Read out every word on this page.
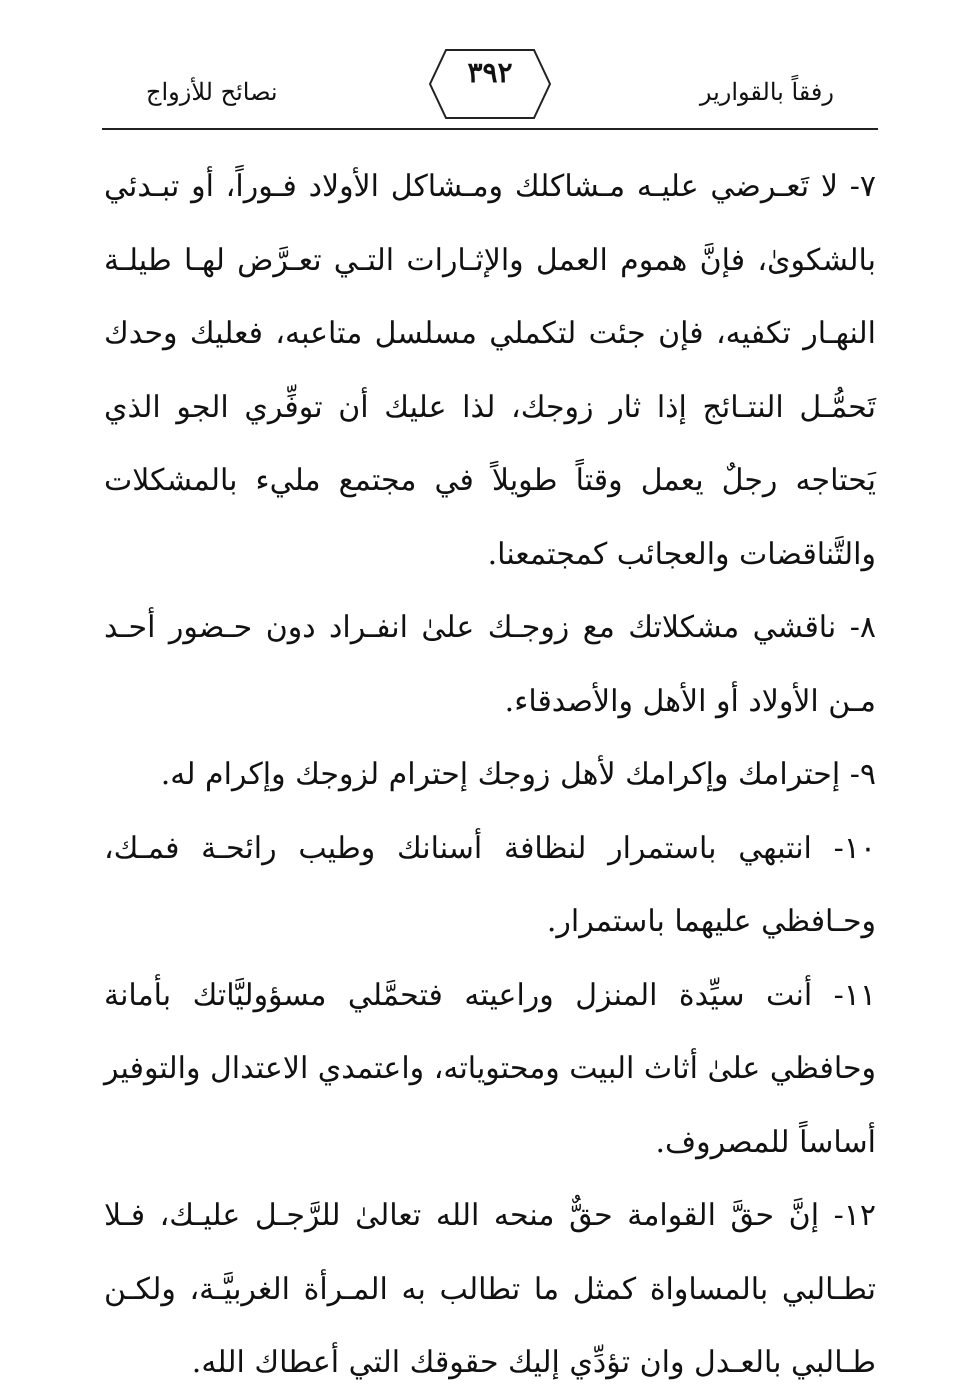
رفقاً بالقوارير
٣٩٢
نصائح للأزواج

٧- لا تَعـرضي عليـه مـشاكلك ومـشاكل الأولاد فـوراً، أو تبـدئي بالشكوىٰ، فإنَّ هموم العمل والإثـارات التـي تعـرَّض لهـا طيلـة النهـار تكفيه، فإن جئت لتكملي مسلسل متاعبه، فعليك وحدك تَحمُّـل النتـائج إذا ثار زوجك، لذا عليك أن توفِّري الجو الذي يَحتاجه رجلٌ يعمل وقتاً طويلاً في مجتمع مليء بالمشكلات والتَّناقضات والعجائب كمجتمعنا.

٨- ناقشي مشكلاتك مع زوجـك علىٰ انفـراد دون حـضور أحـد مـن الأولاد أو الأهل والأصدقاء.

٩- إحترامك وإكرامك لأهل زوجك إحترام لزوجك وإكرام له.

١٠- انتبهي باستمرار لنظافة أسنانك وطيب رائحـة فمـك، وحـافظي عليهما باستمرار.

١١- أنت سيِّدة المنزل وراعيته فتحمَّلي مسؤوليَّاتك بأمانة وحافظي علىٰ أثاث البيت ومحتوياته، واعتمدي الاعتدال والتوفير أساساً للمصروف.

١٢- إنَّ حقَّ القوامة حقٌّ منحه الله تعالىٰ للرَّجـل عليـك، فـلا تطـالبي بالمساواة كمثل ما تطالب به المـرأة الغربيَّـة، ولكـن طـالبي بالعـدل وان تؤدِّي إليك حقوقك التي أعطاك الله.
